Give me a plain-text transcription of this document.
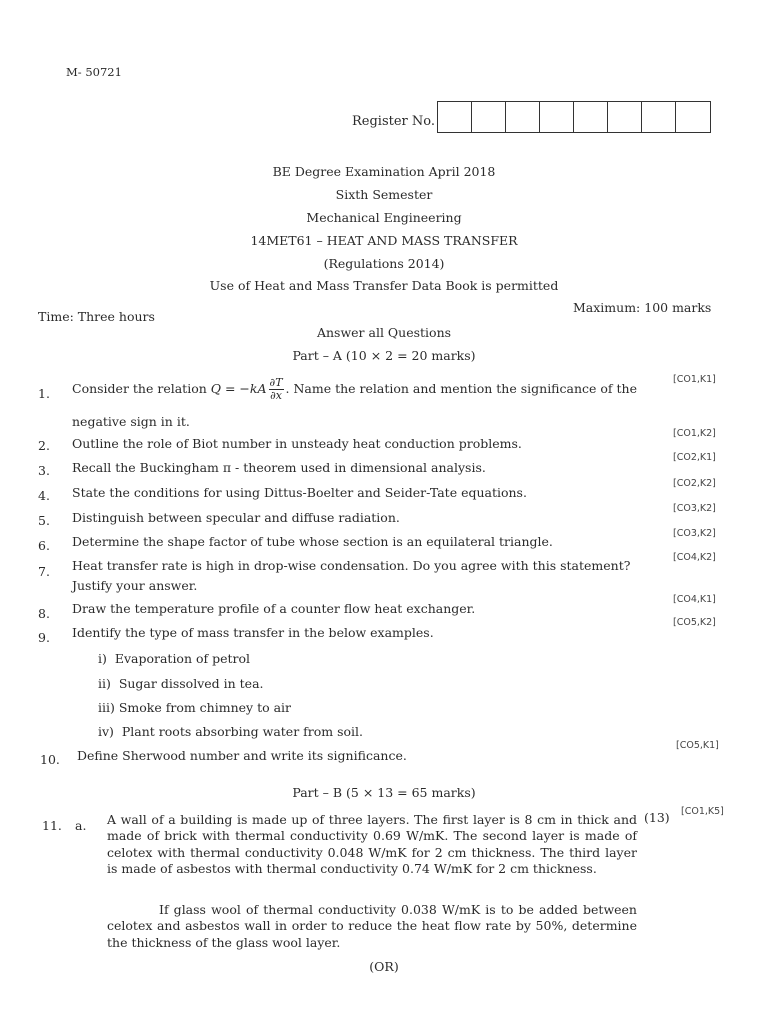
M- 50721
Register No.
BE Degree Examination April 2018
Sixth Semester
Mechanical Engineering
14MET61 – HEAT AND MASS TRANSFER
(Regulations 2014)
Use of Heat and Mass Transfer Data Book is permitted
Time: Three hours
Maximum: 100 marks
Answer all Questions
Part – A (10 × 2 = 20 marks)
1. Consider the relation $Q = -kA \frac{\partial T}{\partial x}$ . Name the relation and mention the significance of the
[CO1,K1]
negative sign in it.
2. Outline the role of Biot number in unsteady heat conduction problems.
[CO1,K2]
3. Recall the Buckingham π - theorem used in dimensional analysis.
[CO2,K1]
4. State the conditions for using Dittus-Boelter and Seider-Tate equations.
[CO2,K2]
5. Distinguish between specular and diffuse radiation.
[CO3,K2]
6. Determine the shape factor of tube whose section is an equilateral triangle.
[CO3,K2]
7. Heat transfer rate is high in drop-wise condensation. Do you agree with this statement?
Justify your answer.
[CO4,K2]
8. Draw the temperature profile of a counter flow heat exchanger.
[CO4,K1]
9. Identify the type of mass transfer in the below examples.
[CO5,K2]
i)  Evaporation of petrol
ii)  Sugar dissolved in tea.
iii) Smoke from chimney to air
iv)  Plant roots absorbing water from soil.
10. Define Sherwood number and write its significance.
[CO5,K1]
Part – B (5 × 13 = 65 marks)
11. a.
(13) [CO1,K5]
A wall of a building is made up of three layers. The first layer is 8 cm in thick and made of brick with thermal conductivity 0.69 W/mK. The second layer is made of celotex with thermal conductivity 0.048 W/mK for 2 cm thickness. The third layer is made of asbestos with thermal conductivity 0.74 W/mK for 2 cm thickness.
If glass wool of thermal conductivity 0.038 W/mK is to be added between celotex and asbestos wall in order to reduce the heat flow rate by 50%, determine the thickness of the glass wool layer.
(OR)
